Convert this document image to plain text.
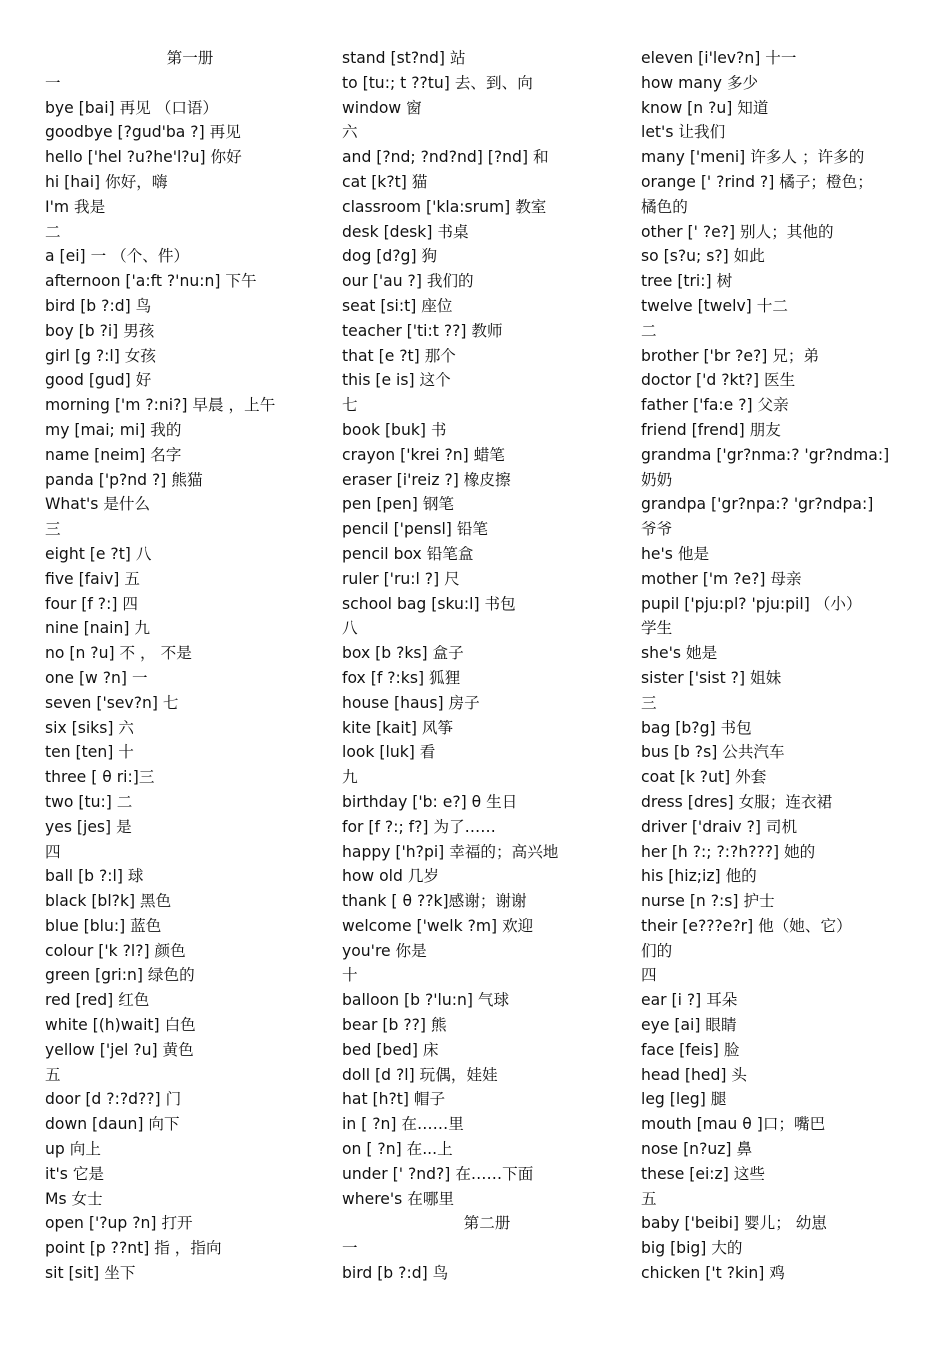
第一册
一
bye [bai] 再见 （口语）
goodbye [?gud'ba ?] 再见
hello ['hel ?u?he'l?u] 你好
hi [hai] 你好，嗨
I'm 我是
二
a [ei] 一 （个、件）
afternoon ['a:ft ?'nu:n] 下午
bird [b ?:d] 鸟
boy [b ?i] 男孩
girl [g ?:l] 女孩
good [gud] 好
morning ['m ?:ni?] 早晨 ，上午
my [mai; mi] 我的
name [neim] 名字
panda ['p?nd ?] 熊猫
What's 是什么
三
eight [e ?t] 八
five [faiv] 五
four [f ?:] 四
nine [nain] 九
no [n ?u] 不 ， 不是
one [w ?n] 一
seven ['sev?n] 七
six [siks] 六
ten [ten] 十
three [ θ ri:]三
two [tu:] 二
yes [jes] 是
四
ball [b ?:l] 球
black [bl?k] 黑色
blue [blu:] 蓝色
colour ['k ?l?] 颜色
green [gri:n] 绿色的
red [red] 红色
white [(h)wait] 白色
yellow ['jel ?u] 黄色
五
door [d ?:?d??] 门
down [daun] 向下
up 向上
it's 它是
Ms 女士
open ['?up ?n] 打开
point [p ??nt] 指 ，指向
sit [sit] 坐下
stand [st?nd] 站
to [tu:; t ??tu] 去、到、向
window 窗
六
and [?nd; ?nd?nd] [?nd] 和
cat [k?t] 猫
classroom ['kla:srum] 教室
desk [desk] 书桌
dog [d?g] 狗
our ['au ?] 我们的
seat [si:t] 座位
teacher ['ti:t ??] 教师
that [e ?t] 那个
this [e is] 这个
七
book [buk] 书
crayon ['krei ?n] 蜡笔
eraser [i'reiz ?] 橡皮擦
pen [pen] 钢笔
pencil ['pensl] 铅笔
pencil box 铅笔盒
ruler ['ru:l ?] 尺
school bag [sku:l] 书包
八
box [b ?ks] 盒子
fox [f ?:ks] 狐狸
house [haus] 房子
kite [kait] 风筝
look [luk] 看
九
birthday ['b: e?] θ 生日
for [f ?:; f?] 为了……
happy ['h?pi] 幸福的；高兴地
how old 几岁
thank [ θ ??k]感谢；谢谢
welcome ['welk ?m] 欢迎
you're 你是
十
balloon [b ?'lu:n] 气球
bear [b ??] 熊
bed [bed] 床
doll [d ?l] 玩偶，娃娃
hat [h?t] 帽子
in [ ?n] 在……里
on [ ?n] 在...上
under [' ?nd?] 在……下面
where's 在哪里
第二册
一
bird [b ?:d] 鸟
eleven [i'lev?n] 十一
how many 多少
know [n ?u] 知道
let's 让我们
many ['meni] 许多人 ；许多的
orange [' ?rind ?] 橘子；橙色；
橘色的
other [' ?e?] 别人；其他的
so [s?u; s?] 如此
tree [tri:] 树
twelve [twelv] 十二
二
brother ['br ?e?] 兄；弟
doctor ['d ?kt?] 医生
father ['fa:e ?] 父亲
friend [frend] 朋友
grandma ['gr?nma:? 'gr?ndma:]
奶奶
grandpa ['gr?npa:? 'gr?ndpa:]
爷爷
he's 他是
mother ['m ?e?] 母亲
pupil ['pju:pl? 'pju:pil] （小）
学生
she's 她是
sister ['sist ?] 姐妹
三
bag [b?g] 书包
bus [b ?s] 公共汽车
coat [k ?ut] 外套
dress [dres] 女服；连衣裙
driver ['draiv ?] 司机
her [h ?:; ?:?h???] 她的
his [hiz;iz] 他的
nurse [n ?:s] 护士
their [e???e?r] 他（她、它）
们的
四
ear [i ?] 耳朵
eye [ai] 眼睛
face [feis] 脸
head [hed] 头
leg [leg] 腿
mouth [mau θ ]口；嘴巴
nose [n?uz] 鼻
these [ei:z] 这些
五
baby ['beibi] 婴儿； 幼崽
big [big] 大的
chicken ['t ?kin] 鸡
